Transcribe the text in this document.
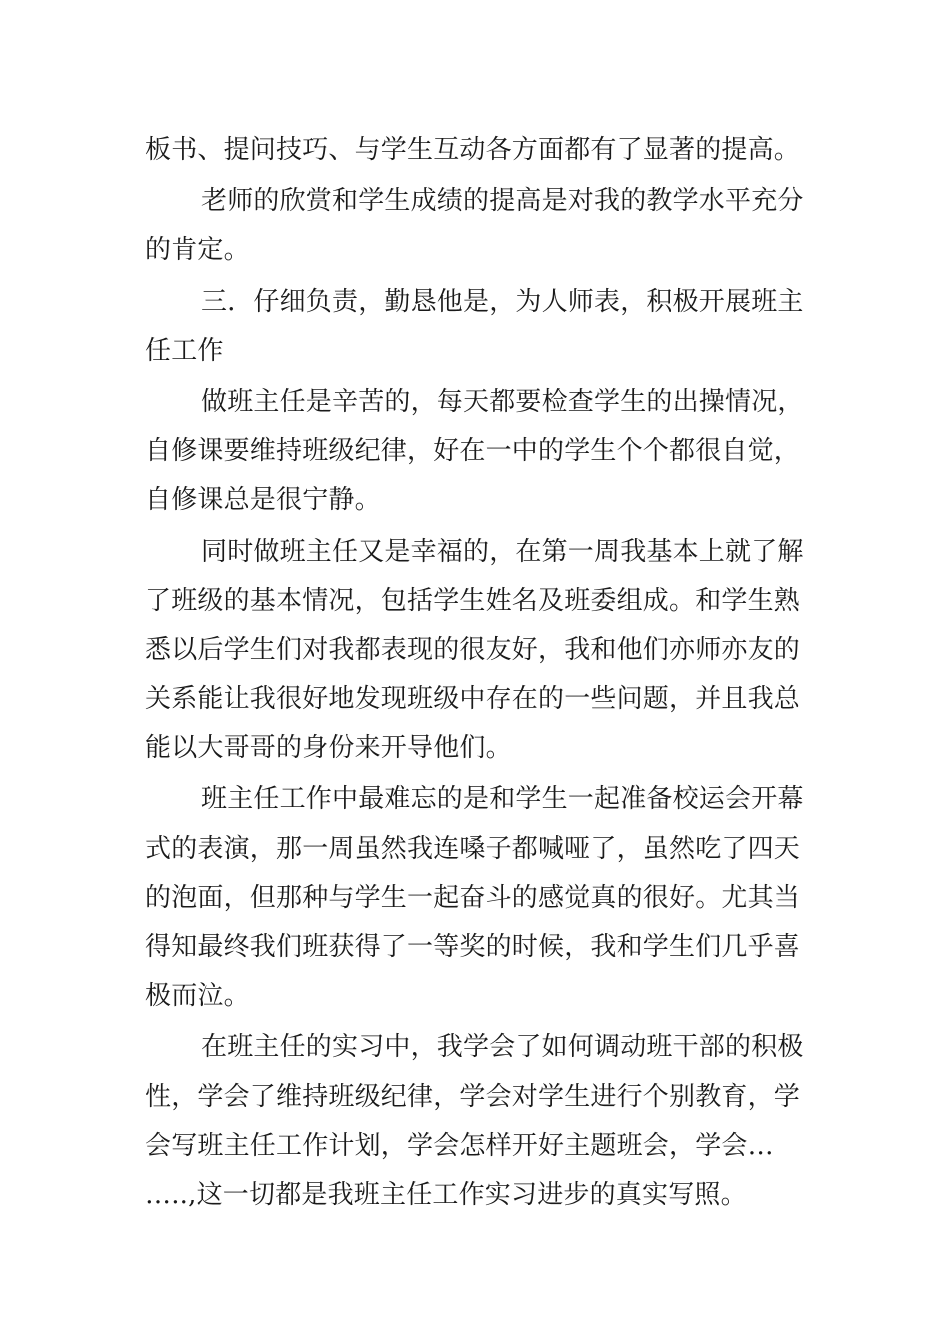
板书、提问技巧、与学生互动各方面都有了显著的提高。

老师的欣赏和学生成绩的提高是对我的教学水平充分
的肯定。

三．仔细负责，勤恳他是，为人师表，积极开展班主
任工作

做班主任是辛苦的，每天都要检查学生的出操情况，
自修课要维持班级纪律，好在一中的学生个个都很自觉，
自修课总是很宁静。

同时做班主任又是幸福的，在第一周我基本上就了解
了班级的基本情况，包括学生姓名及班委组成。和学生熟
悉以后学生们对我都表现的很友好，我和他们亦师亦友的
关系能让我很好地发现班级中存在的一些问题，并且我总
能以大哥哥的身份来开导他们。

班主任工作中最难忘的是和学生一起准备校运会开幕
式的表演，那一周虽然我连嗓子都喊哑了，虽然吃了四天
的泡面，但那种与学生一起奋斗的感觉真的很好。尤其当
得知最终我们班获得了一等奖的时候，我和学生们几乎喜
极而泣。

在班主任的实习中，我学会了如何调动班干部的积极
性，学会了维持班级纪律，学会对学生进行个别教育，学
会写班主任工作计划，学会怎样开好主题班会，学会…
…..,这一切都是我班主任工作实习进步的真实写照。
